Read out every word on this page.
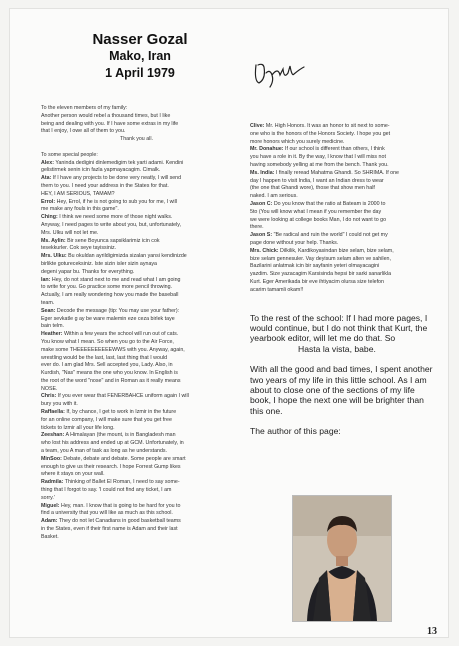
Nasser Gozal
Mako, Iran
1 April 1979

To the eleven members of my family:

Another person would rebel a thousand times, but I like

being and dealing with you. If I have some extras in my life

that I enjoy, I owe all of them to you.

Thank you all.

To some special people:

Alex: Yaninda dedigini dinlemedigim tek yarti adami. Kendini

gelistirmek senin icin fazla yapmayacagim. Cimalk.

Ata: If I have any projects to be done very neatly, I will send

them to you. I need your address in the States for that.

HEY, I AM SERIOUS, TAMAM?

Errol: Hey, Errol, if he is not going to sub you for me, I will

me make any fouls in this game".

Ching: I think we need some more of those night walks.

Anyway, I need pages to write about you, but, unfortunately,

Mrs. Ulku will not let me.

Ms. Aylin: Bir sene Boyunca sapsiklarimiz icin cok

tesekkurler. Cok seye tayissiniz.

Mrs. Ulku: Bu okuldan ayrildigimizda sizalan yansi kendinizde

birlikte gotureceksiniz. Iste sizin isler sizin aynaya

degeni yapar bu. Thanks for everything.

Ian: Hey, do not stand next to me and read what I am going

to write for you. Go practice some more pencil throwing.

Actually, I am really wondering how you made the baseball

team.

Sean: Decode the message (tip: You may use your father):

Eger sevkatle g ay be ware malemin eze ceza birlek taye

bain telm.

Heather: Within a few years the school will run out of cats.

You know what I mean. So when you go to the Air Force,

make some THEEEEEEEEEEWWS with you. Anyway, again,

wrestling would be the last, last, last thing that I would

ever do. I am glad Mrs. Sell accepted you, Lady. Also, in

Kurdish, "Nas" means the one who you know. In English is

the root of the word "nose" and in Roman as it really means

NOSE.

Chris: If you ever wear that FENERBAHCE uniform again I will

bury you with it.

Raffaella: If, by chance, I get to work in Izmir in the future

for an online company, I will make sure that you get free

tickets to Izmir all your life long.

Zeeshan: A Himalayan (the mount, is in Bangladesh man

who lost his address and ended up at GCM. Unfortunately, in

a team, you A man of task as long as he understands.

MinSoo: Debate, debate and debate. Some people are smart

enough to give us their research. I hope Forrest Gump likes

where it stays on your wall.

Radmila: Thinking of Ballet El Roman, I need to say some-

thing that I forgot to say. 'I could not find any ticket, I am

sorry.'

Miguel: Hey, man. I know that is going to be hard for you to

find a university that you will like as much as this school.

Adam: They do not let Canadians in good basketball teams

in the States, even if their first name is Adam and their last

Basket.

Clive: Mr. High Honors. It was an honor to sit next to some-

one who is the honors of the Honors Society. I hope you get

more honors which you surely medicine.

Mr. Donahue: If our school is different than others, I think

you have a role in it. By the way, I know that I will miss not

having somebody yelling at me from the bench. Thank you.

Ms. India: I finally reread Mahatma Ghandi. So SHRIMA. If one

day I happen to visit India, I want an Indian dress to wear

(the one that Ghandi wore), those that show men half

naked. I am serious.

Jason C: Do you know that the ratio at Bateam is 2000 to

5to (You will know what I mean if you remember the day

we were looking at college books Man, I do not want to go

there.

Jason S: "Be radical and ruin the world" I could not get my

page done without your help. Thanks.

Mrs. Chick: Dilkilik, Kardikoyasindan bize selam, bize selam,

bize selam gennesuler. Vay deyisum selam alten ve sahilen,

Bazilarini anlatmak icin bir sayfanin yeteri olmayacagini

yazdim. Size yazacagim Karsisinda hepsi bir sarki sanarlikla

Kurt. Eger Amerikada bir eve ihtiyacim olursa size telefon

acarim tamamli okam!!

To the rest of the school: If I had more pages, I would continue, but I do not think that Kurt, the yearbook editor, will let me do that. So

Hasta la vista, babe.

With all the good and bad times, I spent another two years of my life in this little school. As I am about to close one of the sections of my life book, I hope the next one will be brighter than this one.

The author of this page:

13
